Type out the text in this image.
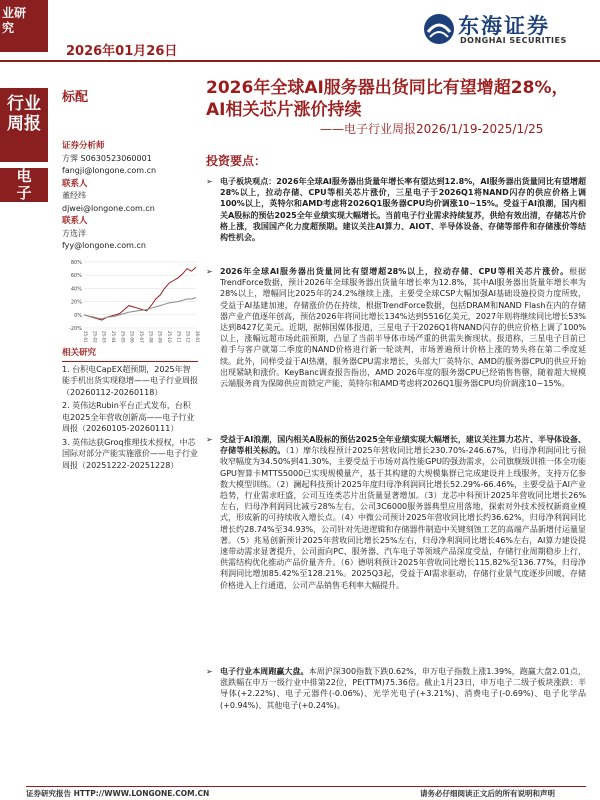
业研
究
2026年01月26日
东海证券
DONGHAI SECURITIES
行业
周报
电
子
标配	2026年全球AI服务器出货同比有望增超28%，AI相关芯片涨价持续
——电子行业周报2026/1/19-2025/1/25
证券分析师
方霁 S0630523060001
fangji@longone.com.cn
联系人
董经纬
djwei@longone.com.cn
联系人
方选洋
fyy@longone.com.cn
-20%
0%
20%
40%
60%
80%
25-01 25-02 25-03 25-04 25-05 25-06 25-07 25-08 25-09 25-10 25-11 25-12 26-01
相关研究
1. 台积电CapEX超预期，2025年智能手机出货实现稳增——电子行业周报（20260112-20260118）
2. 英伟达Rubin平台正式发布，台积电2025全年营收创新高——电子行业周报（20260105-20260111）
3. 英伟达获Groq推理技术授权，中芯国际对部分产能实施涨价——电子行业周报（20251222-20251228）
投资要点：
➢ 电子板块观点：2026年全球AI服务器出货量年增长率有望达到12.8%，AI服务器出货量同比有望增超28%以上，拉动存储、CPU等相关芯片涨价，三星电子于2026Q1将NAND闪存的供应价格上调100%以上，英特尔和AMD考虑将2026Q1服务器CPU均价调涨10~15%。受益于AI浪潮，国内相关A股标的预估2025全年业绩实现大幅增长。当前电子行业需求持续复苏，供给有效出清，存储芯片价格上涨，我国国产化力度超预期。建议关注AI算力、AIOT、半导体设备、存储等部件和存储涨价等结构性机会。

➢ 2026年全球AI服务器出货量同比有望增超28%以上，拉动存储、CPU等相关芯片涨价。根据TrendForce数据，预计2026年全球服务器出货量年增长率为12.8%，其中AI服务器出货量年增长率为28%以上，增幅同比2025年的24.2%继续上涨，主要受全球CSP大幅加强AI基础设施投资力度所致，受益于AI基建加速，存储涨价仍在持续，根据TrendForce数据，包括DRAM和NAND Flash在内的存储器产业产值逐年创高，预估2026年将同比增长134%达到5516亿美元，2027年则将继续同比增长53%达到8427亿美元。近期，据韩国媒体报道，三星电子于2026Q1将NAND闪存的供应价格上调了100%以上，涨幅远超市场此前预期，凸显了当前半导体市场严重的供需失衡现状。报道称，三星电子目前已着手与客户就第二季度的NAND价格进行新一轮谈判，市场普遍预计价格上涨的势头将在第二季度延续。此外，同样受益于AI热潮，服务器CPU需求增长，头部大厂英特尔、AMD的服务器CPU的供应开始出现紧缺和涨价。KeyBanc调查报告指出，AMD 2026年度的服务器CPU已经销售售罄，随着超大规模云端服务商为保障供应而锁定产能，英特尔和AMD考虑将2026Q1服务器CPU均价调涨10~15%。

➢ 受益于AI浪潮，国内相关A股标的预估2025全年业绩实现大幅增长，建议关注算力芯片、半导体设备、存储等相关标的。（1）摩尔线程预计2025年营收同比增长230.70%-246.67%，归母净利润同比亏损收窄幅度为34.50%到41.30%，主要受益于市场对高性能GPU的强劲需求，公司旗舰级训推一体全功能GPU智算卡MTTS5000已实现规模量产，基于其构建的大规模集群已完成建设并上线服务，支持万亿参数大模型训练。（2）澜起科技预计2025年度归母净利润同比增长52.29%-66.46%，主要受益于AI产业趋势，行业需求旺盛，公司互连类芯片出货量显著增加。（3）龙芯中科预计2025年营收同比增长26%左右，归母净利润同比减亏28%左右，公司3C6000服务器典型应用落地，探索对外技术授权新商业模式，形成新的可持续收入增长点。（4）中微公司预计2025年营收同比增长约36.62%，归母净利润同比增长约28.74%至34.93%，公司针对先进逻辑和存储器件制造中关键刻蚀工艺的高端产品新增付运量显著。（5）兆易创新预计2025年营收同比增长25%左右，归母净利润同比增长46%左右，AI算力建设提速带动需求显著提升，公司面向PC、服务器、汽车电子等领域产品深度受益，存储行业周期稳步上行，供需结构优化推动产品价量齐升。（6）德明利预计2025年营收同比增长115.82%至136.77%，归母净利润同比增加85.42%至128.21%。2025Q3起，受益于AI需求驱动，存储行业景气度逐步回暖，存储价格进入上行通道，公司产品销售毛利率大幅提升。

➢ 电子行业本周跑赢大盘。本周沪深300指数下跌0.62%，申万电子指数上涨1.39%，跑赢大盘2.01点，涨跌幅在申万一级行业中排第22位，PE(TTM)75.36倍。截止1月23日，申万电子二级子板块涨跌：半导体(+2.22%)、电子元器件(-0.06%)、光学光电子(+3.21%)、消费电子(-0.69%)、电子化学品(+0.94%)、其他电子(+0.24%)。

证券研究报告 HTTP://WWW.LONGONE.COM.CN	请务必仔细阅读正文后的所有说明和声明
